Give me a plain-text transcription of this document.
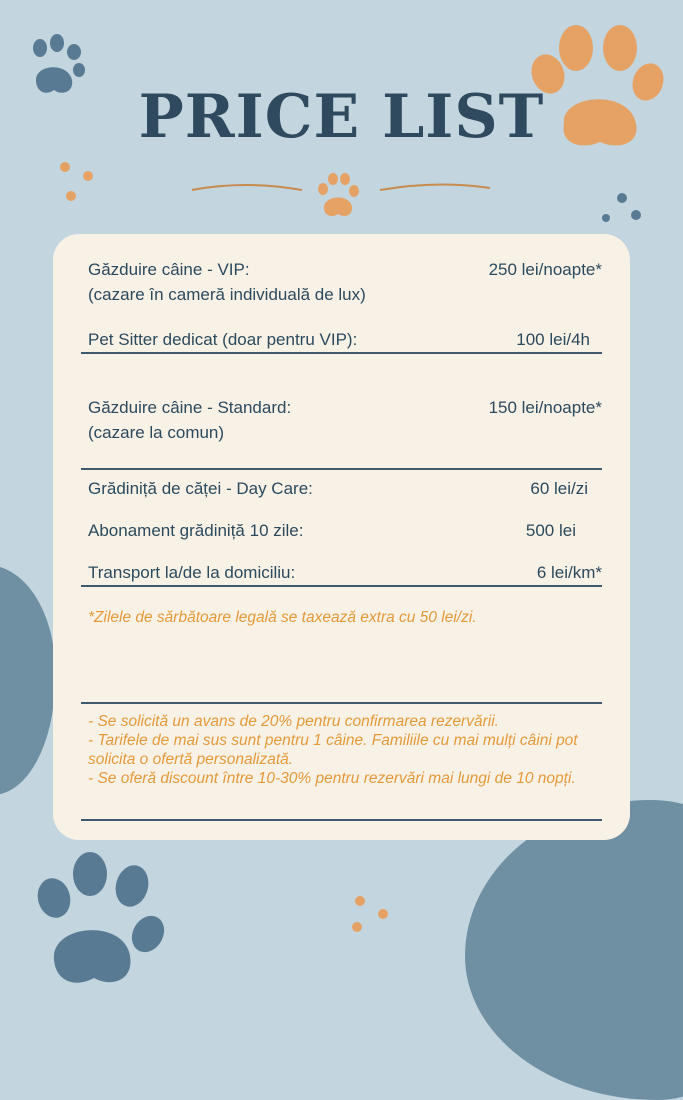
PRICE LIST
Găzduire câine - VIP:
(cazare în cameră individuală de lux)
250 lei/noapte*
Pet Sitter dedicat (doar pentru VIP):	100 lei/4h
Găzduire câine - Standard:
(cazare la comun)
150 lei/noapte*
Grădiniță de cățe​i - Day Care:	60 lei/zi
Abonament grădiniță 10 zile:	500 lei
Transport la/de la domiciliu:	6 lei/km*
*Zilele de sărbătoare legală se taxează extra cu 50 lei/zi.
- Se solicită un avans de 20% pentru confirmarea rezervării.
- Tarifele de mai sus sunt pentru 1 câine. Familiile cu mai mulți câini pot solicita o ofertă personalizată.
- Se oferă discount între 10-30% pentru rezervări mai lungi de 10 nopți.
